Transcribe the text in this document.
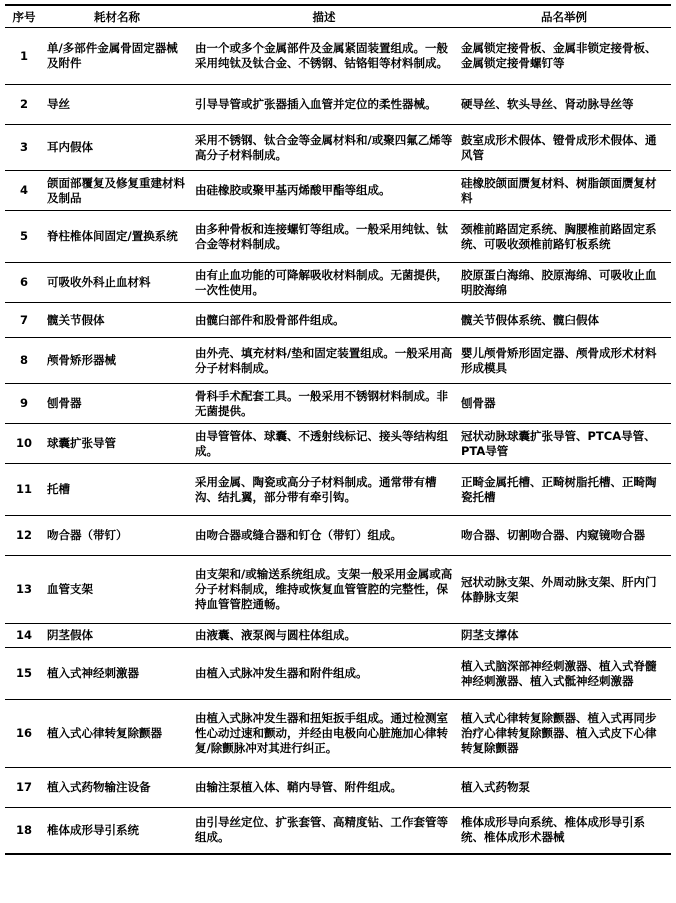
序号	耗材名称	描述	品名举例
1	单/多部件金属骨固定器械及附件	由一个或多个金属部件及金属紧固装置组成。一般采用纯钛及钛合金、不锈钢、钴铬钼等材料制成。	金属锁定接骨板、金属非锁定接骨板、金属锁定接骨螺钉等
2	导丝	引导导管或扩张器插入血管并定位的柔性器械。	硬导丝、软头导丝、肾动脉导丝等
3	耳内假体	采用不锈钢、钛合金等金属材料和/或聚四氟乙烯等高分子材料制成。	鼓室成形术假体、镫骨成形术假体、通风管
4	颌面部覆复及修复重建材料及制品	由硅橡胶或聚甲基丙烯酸甲酯等组成。	硅橡胶颌面赝复材料、树脂颌面赝复材料
5	脊柱椎体间固定/置换系统	由多种骨板和连接螺钉等组成。一般采用纯钛、钛合金等材料制成。	颈椎前路固定系统、胸腰椎前路固定系统、可吸收颈椎前路钉板系统
6	可吸收外科止血材料	由有止血功能的可降解吸收材料制成。无菌提供，一次性使用。	胶原蛋白海绵、胶原海绵、可吸收止血明胶海绵
7	髋关节假体	由髋臼部件和股骨部件组成。	髋关节假体系统、髋臼假体
8	颅骨矫形器械	由外壳、填充材料/垫和固定装置组成。一般采用高分子材料制成。	婴儿颅骨矫形固定器、颅骨成形术材料形成模具
9	刨骨器	骨科手术配套工具。一般采用不锈钢材料制成。非无菌提供。	刨骨器
10	球囊扩张导管	由导管管体、球囊、不透射线标记、接头等结构组成。	冠状动脉球囊扩张导管、PTCA导管、PTA导管
11	托槽	采用金属、陶瓷或高分子材料制成。通常带有槽沟、结扎翼，部分带有牵引钩。	正畸金属托槽、正畸树脂托槽、正畸陶瓷托槽
12	吻合器（带钉）	由吻合器或缝合器和钉仓（带钉）组成。	吻合器、切割吻合器、内窥镜吻合器
13	血管支架	由支架和/或输送系统组成。支架一般采用金属或高分子材料制成，维持或恢复血管管腔的完整性，保持血管管腔通畅。	冠状动脉支架、外周动脉支架、肝内门体静脉支架
14	阴茎假体	由液囊、液泵阀与圆柱体组成。	阴茎支撑体
15	植入式神经刺激器	由植入式脉冲发生器和附件组成。	植入式脑深部神经刺激器、植入式脊髓神经刺激器、植入式骶神经刺激器
16	植入式心律转复除颤器	由植入式脉冲发生器和扭矩扳手组成。通过检测室性心动过速和颤动，并经由电极向心脏施加心律转复/除颤脉冲对其进行纠正。	植入式心律转复除颤器、植入式再同步治疗心律转复除颤器、植入式皮下心律转复除颤器
17	植入式药物输注设备	由输注泵植入体、鞘内导管、附件组成。	植入式药物泵
18	椎体成形导引系统	由引导丝定位、扩张套管、高精度钻、工作套管等组成。	椎体成形导向系统、椎体成形导引系统、椎体成形术器械
